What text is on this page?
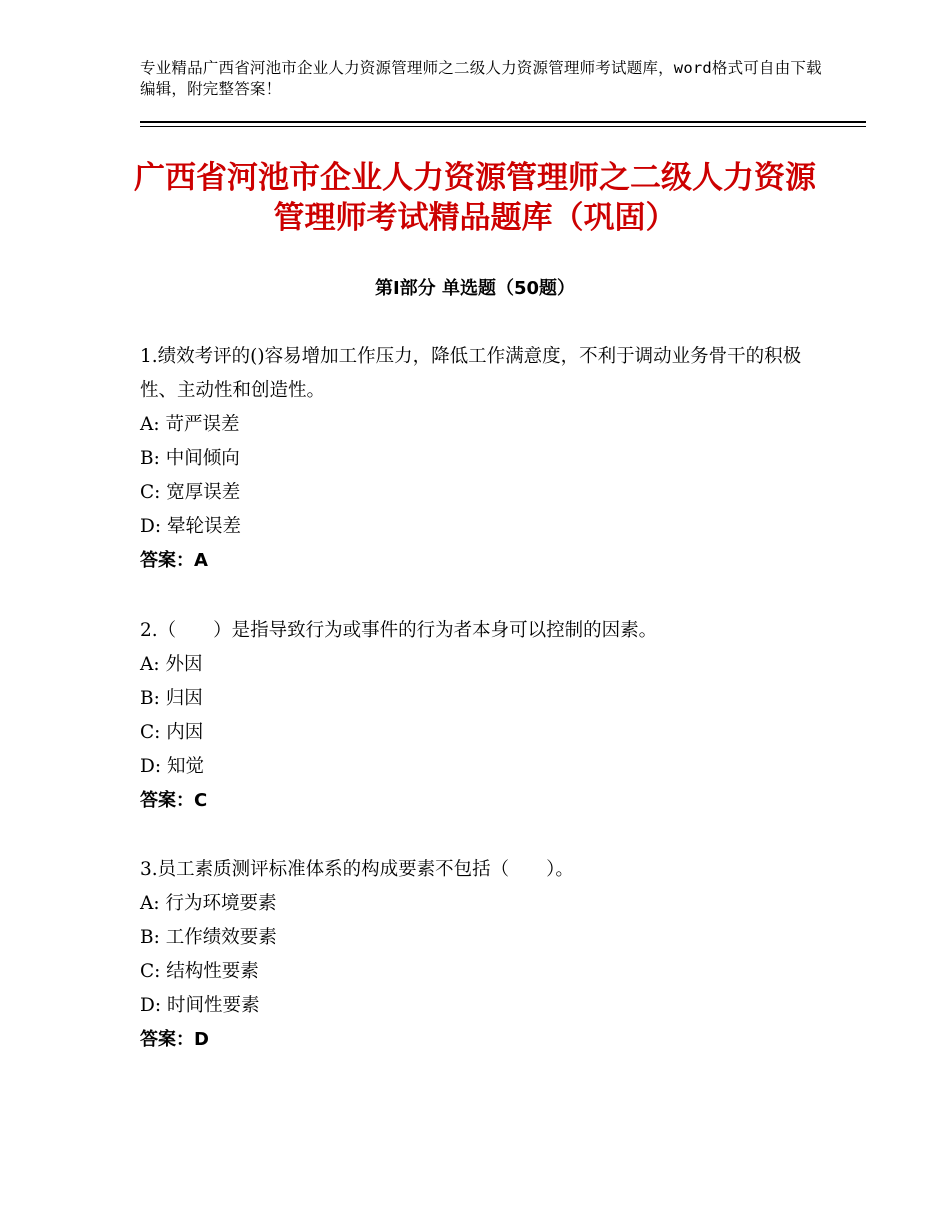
专业精品广西省河池市企业人力资源管理师之二级人力资源管理师考试题库，word格式可自由下载编辑，附完整答案！
广西省河池市企业人力资源管理师之二级人力资源管理师考试精品题库（巩固）
第Ⅰ部分 单选题（50题）

1.绩效考评的()容易增加工作压力，降低工作满意度，不利于调动业务骨干的积极性、主动性和创造性。

A: 苛严误差

B: 中间倾向

C: 宽厚误差

D: 晕轮误差

答案：A

2.（　　）是指导致行为或事件的行为者本身可以控制的因素。

A: 外因

B: 归因

C: 内因

D: 知觉

答案：C

3.员工素质测评标准体系的构成要素不包括（　　）。

A: 行为环境要素

B: 工作绩效要素

C: 结构性要素

D: 时间性要素

答案：D
